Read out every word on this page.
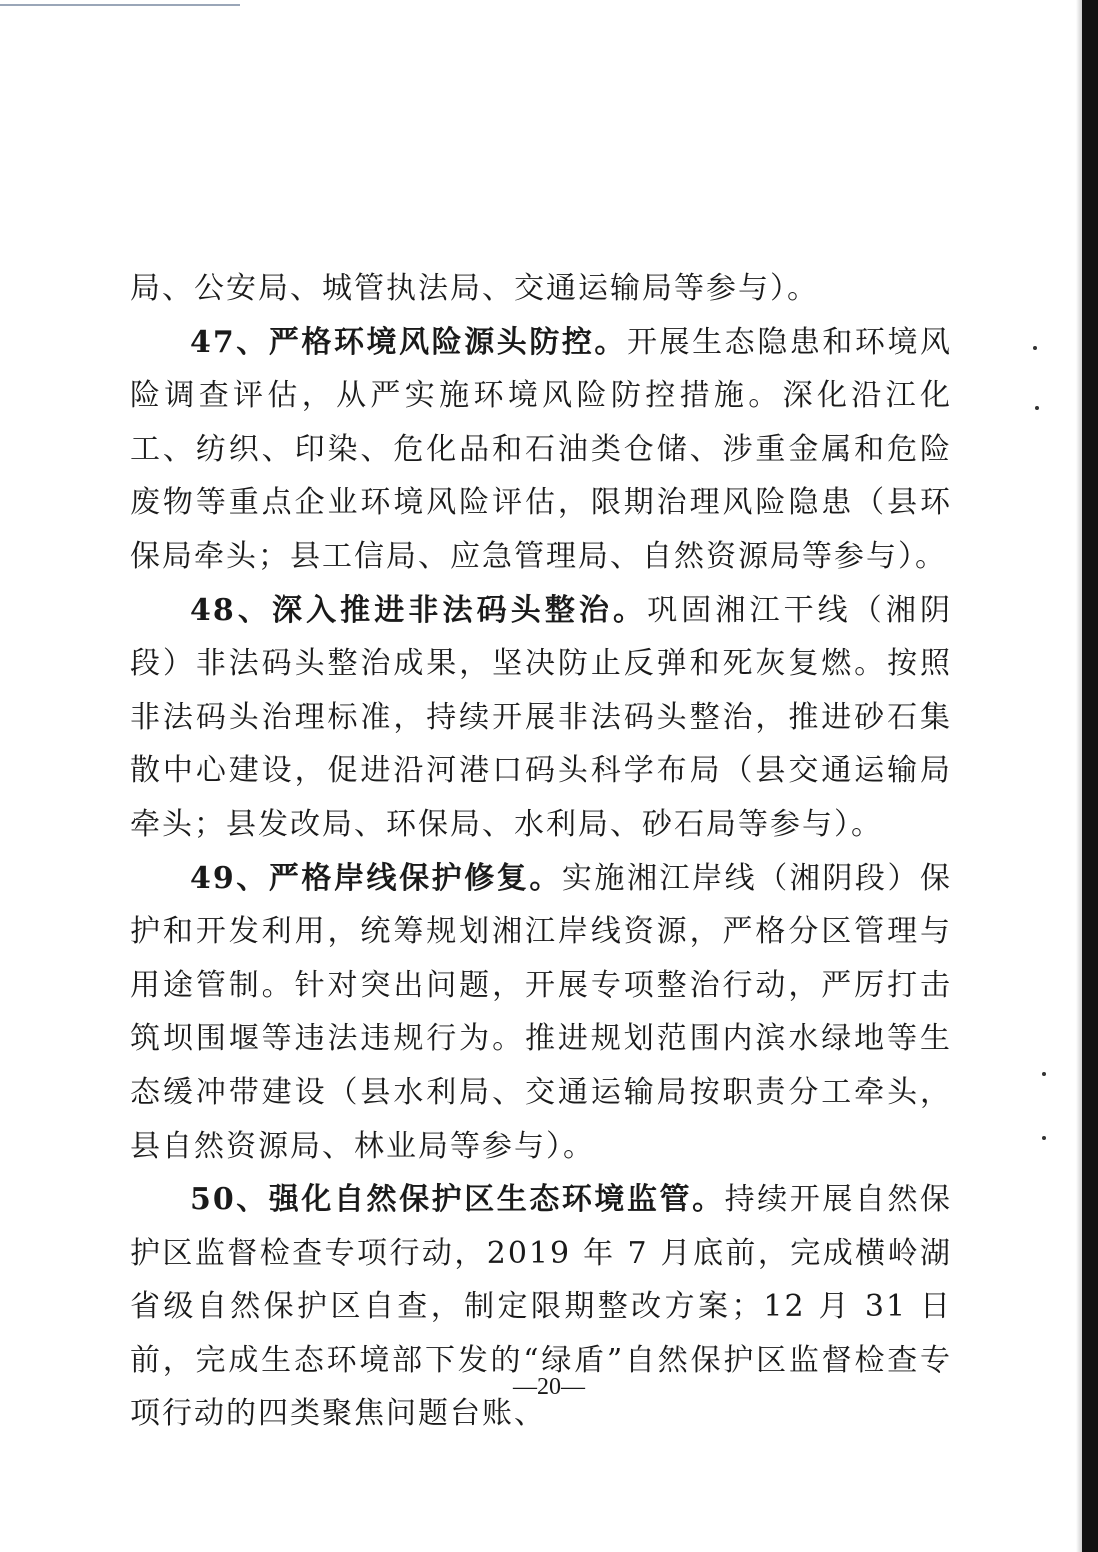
局、公安局、城管执法局、交通运输局等参与）。

47、严格环境风险源头防控。开展生态隐患和环境风险调查评估，从严实施环境风险防控措施。深化沿江化工、纺织、印染、危化品和石油类仓储、涉重金属和危险废物等重点企业环境风险评估，限期治理风险隐患（县环保局牵头；县工信局、应急管理局、自然资源局等参与）。

48、深入推进非法码头整治。巩固湘江干线（湘阴段）非法码头整治成果，坚决防止反弹和死灰复燃。按照非法码头治理标准，持续开展非法码头整治，推进砂石集散中心建设，促进沿河港口码头科学布局（县交通运输局牵头；县发改局、环保局、水利局、砂石局等参与）。

49、严格岸线保护修复。实施湘江岸线（湘阴段）保护和开发利用，统筹规划湘江岸线资源，严格分区管理与用途管制。针对突出问题，开展专项整治行动，严厉打击筑坝围堰等违法违规行为。推进规划范围内滨水绿地等生态缓冲带建设（县水利局、交通运输局按职责分工牵头，县自然资源局、林业局等参与）。

50、强化自然保护区生态环境监管。持续开展自然保护区监督检查专项行动，2019 年 7 月底前，完成横岭湖省级自然保护区自查，制定限期整改方案；12 月 31 日前，完成生态环境部下发的“绿盾”自然保护区监督检查专项行动的四类聚焦问题台账、

—20—
